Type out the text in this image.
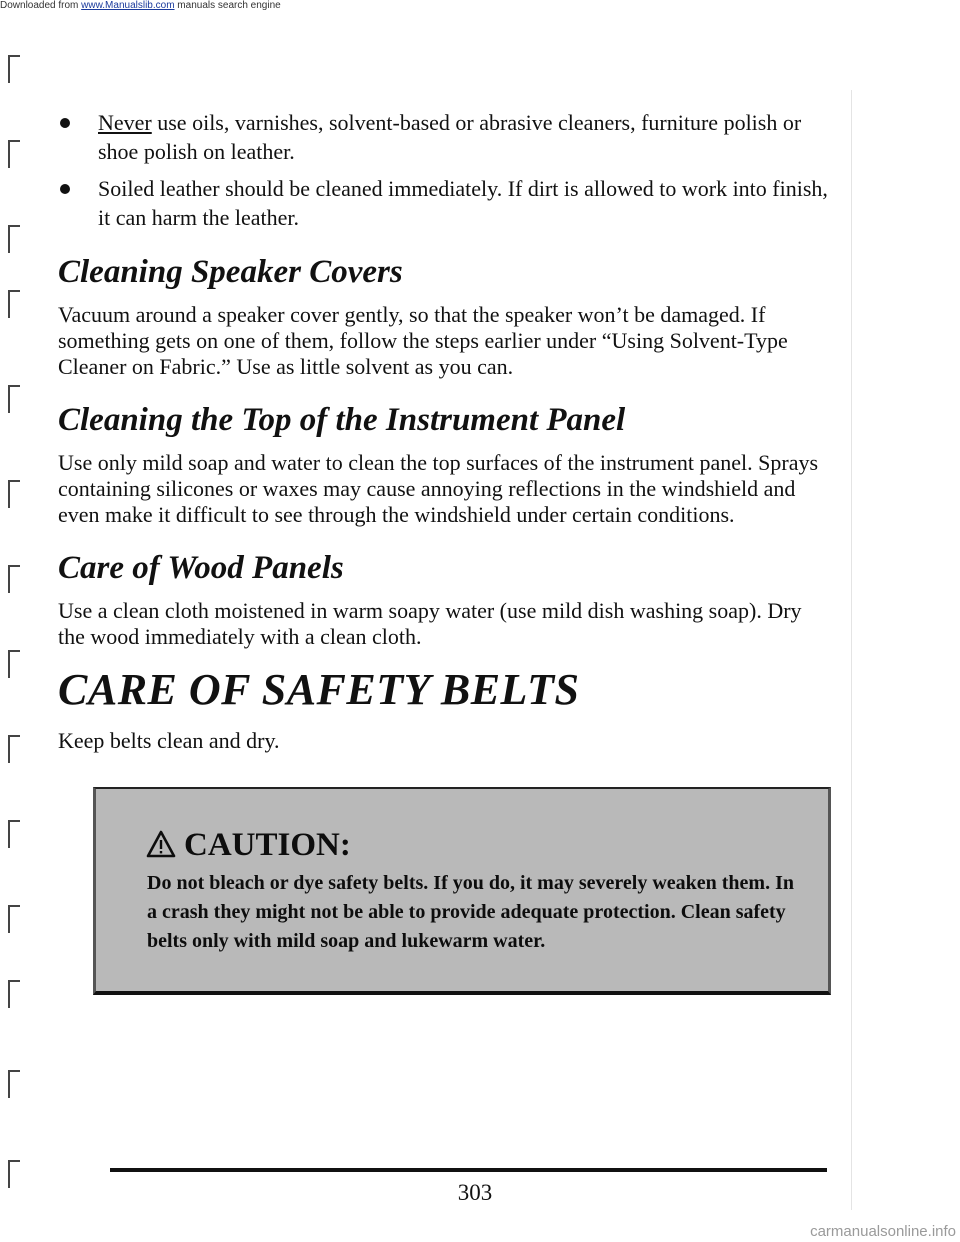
Downloaded from www.Manualslib.com manuals search engine
Never use oils, varnishes, solvent-based or abrasive cleaners, furniture polish or shoe polish on leather.
Soiled leather should be cleaned immediately. If dirt is allowed to work into finish, it can harm the leather.
Cleaning Speaker Covers

Vacuum around a speaker cover gently, so that the speaker won’t be damaged. If something gets on one of them, follow the steps earlier under “Using Solvent-Type Cleaner on Fabric.” Use as little solvent as you can.

Cleaning the Top of the Instrument Panel

Use only mild soap and water to clean the top surfaces of the instrument panel. Sprays containing silicones or waxes may cause annoying reflections in the windshield and even make it difficult to see through the windshield under certain conditions.

Care of Wood Panels

Use a clean cloth moistened in warm soapy water (use mild dish washing soap). Dry the wood immediately with a clean cloth.

CARE OF SAFETY BELTS

Keep belts clean and dry.

CAUTION:
Do not bleach or dye safety belts. If you do, it may severely weaken them. In a crash they might not be able to provide adequate protection. Clean safety belts only with mild soap and lukewarm water.
303
carmanualsonline.info
